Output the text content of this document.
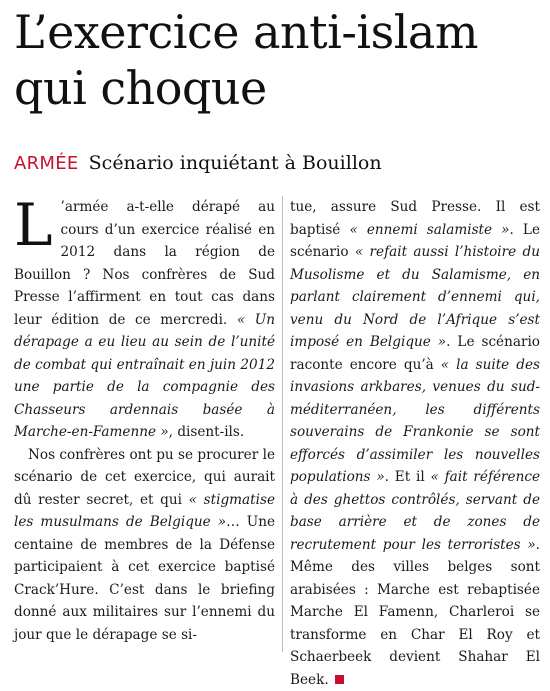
L’exercice anti-islam
qui choque
ARMÉE Scénario inquiétant à Bouillon

L ’armée a-t-elle dérapé au cours d’un exercice réalisé en 2012 dans la région de Bouillon ? Nos confrères de Sud Presse l’affirment en tout cas dans leur édition de ce mercredi. « Un dérapage a eu lieu au sein de l’unité de combat qui entraînait en juin 2012 une partie de la compagnie des Chasseurs ardennais basée à Marche-en-Famenne », disent-ils.

Nos confrères ont pu se procurer le scénario de cet exercice, qui aurait dû rester secret, et qui « stigmatise les musulmans de Belgique »… Une centaine de membres de la Défense participaient à cet exercice baptisé Crack’Hure. C’est dans le briefing donné aux militaires sur l’ennemi du jour que le dérapage se si-

tue, assure Sud Presse. Il est baptisé « ennemi salamiste ». Le scénario « refait aussi l’histoire du Musolisme et du Salamisme, en parlant clairement d’ennemi qui, venu du Nord de l’Afrique s’est imposé en Belgique ». Le scénario raconte encore qu’à « la suite des invasions arkbares, venues du sud-méditerranéen, les différents souverains de Frankonie se sont efforcés d’assimiler les nouvelles populations ». Et il « fait référence à des ghettos contrôlés, servant de base arrière et de zones de recrutement pour les terroristes ». Même des villes belges sont arabisées : Marche est rebaptisée Marche El Famenn, Charleroi se transforme en Char El Roy et Schaerbeek devient Shahar El Beek.
